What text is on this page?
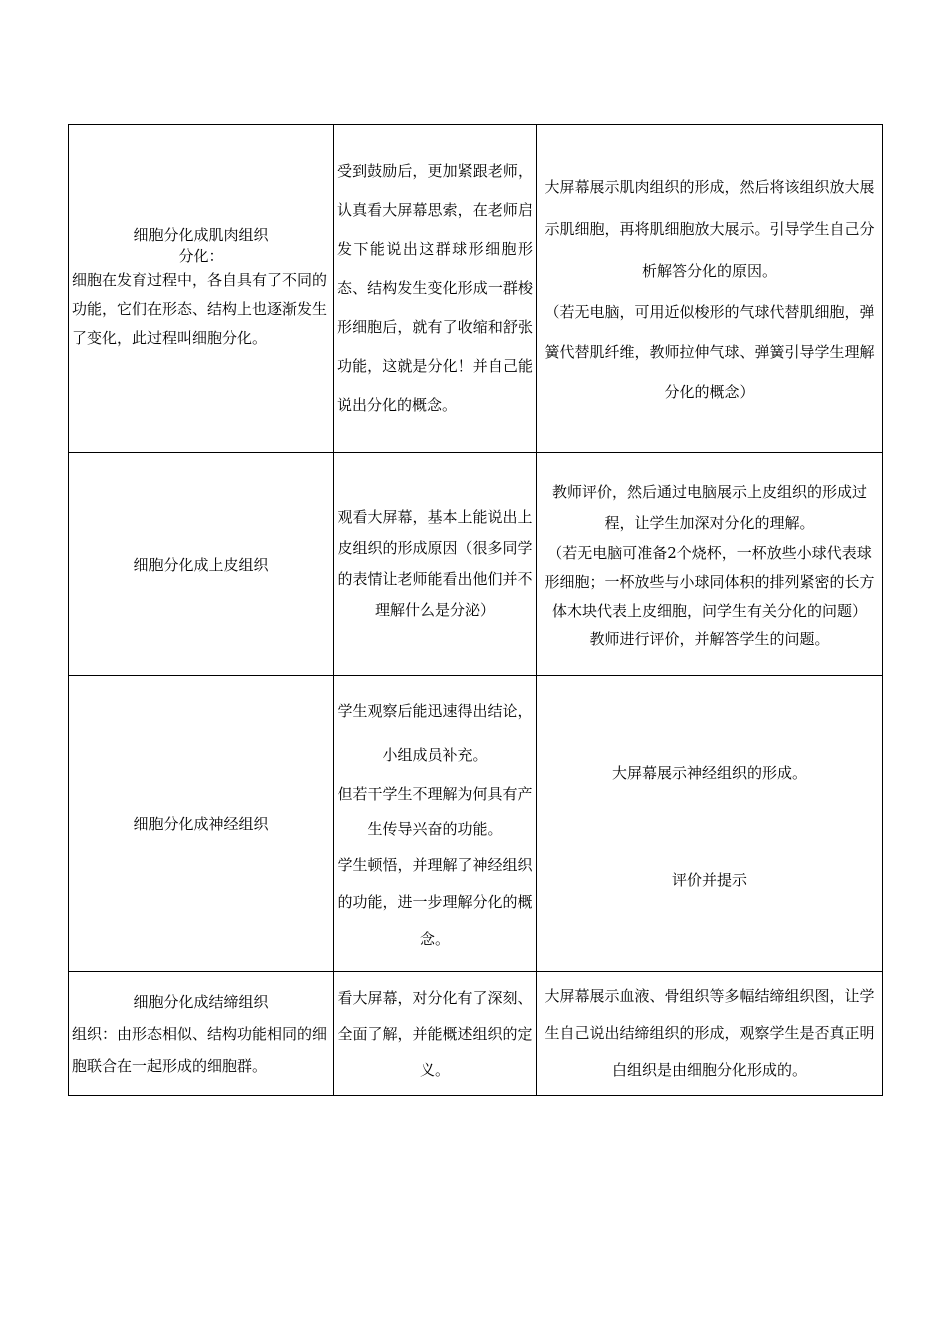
细胞分化成肌肉组织
分化：
细胞在发育过程中，各自具有了不同的功能，它们在形态、结构上也逐渐发生了变化，此过程叫细胞分化。	受到鼓励后，更加紧跟老师，认真看大屏幕思索，在老师启发下能说出这群球形细胞形态、结构发生变化形成一群梭形细胞后，就有了收缩和舒张功能，这就是分化！并自己能说出分化的概念。	大屏幕展示肌肉组织的形成，然后将该组织放大展示肌细胞，再将肌细胞放大展示。引导学生自己分析解答分化的原因。
（若无电脑，可用近似梭形的气球代替肌细胞，弹簧代替肌纤维，教师拉伸气球、弹簧引导学生理解分化的概念）

细胞分化成上皮组织	观看大屏幕，基本上能说出上皮组织的形成原因（很多同学的表情让老师能看出他们并不理解什么是分泌）	教师评价，然后通过电脑展示上皮组织的形成过程，让学生加深对分化的理解。
（若无电脑可准备2个烧杯，一杯放些小球代表球形细胞；一杯放些与小球同体积的排列紧密的长方体木块代表上皮细胞，问学生有关分化的问题）
教师进行评价，并解答学生的问题。

细胞分化成神经组织	学生观察后能迅速得出结论，小组成员补充。
但若干学生不理解为何具有产生传导兴奋的功能。
学生顿悟，并理解了神经组织的功能，进一步理解分化的概念。	大屏幕展示神经组织的形成。
评价并提示

细胞分化成结缔组织
组织：由形态相似、结构功能相同的细胞联合在一起形成的细胞群。	看大屏幕，对分化有了深刻、全面了解，并能概述组织的定义。	大屏幕展示血液、骨组织等多幅结缔组织图，让学生自己说出结缔组织的形成，观察学生是否真正明白组织是由细胞分化形成的。
